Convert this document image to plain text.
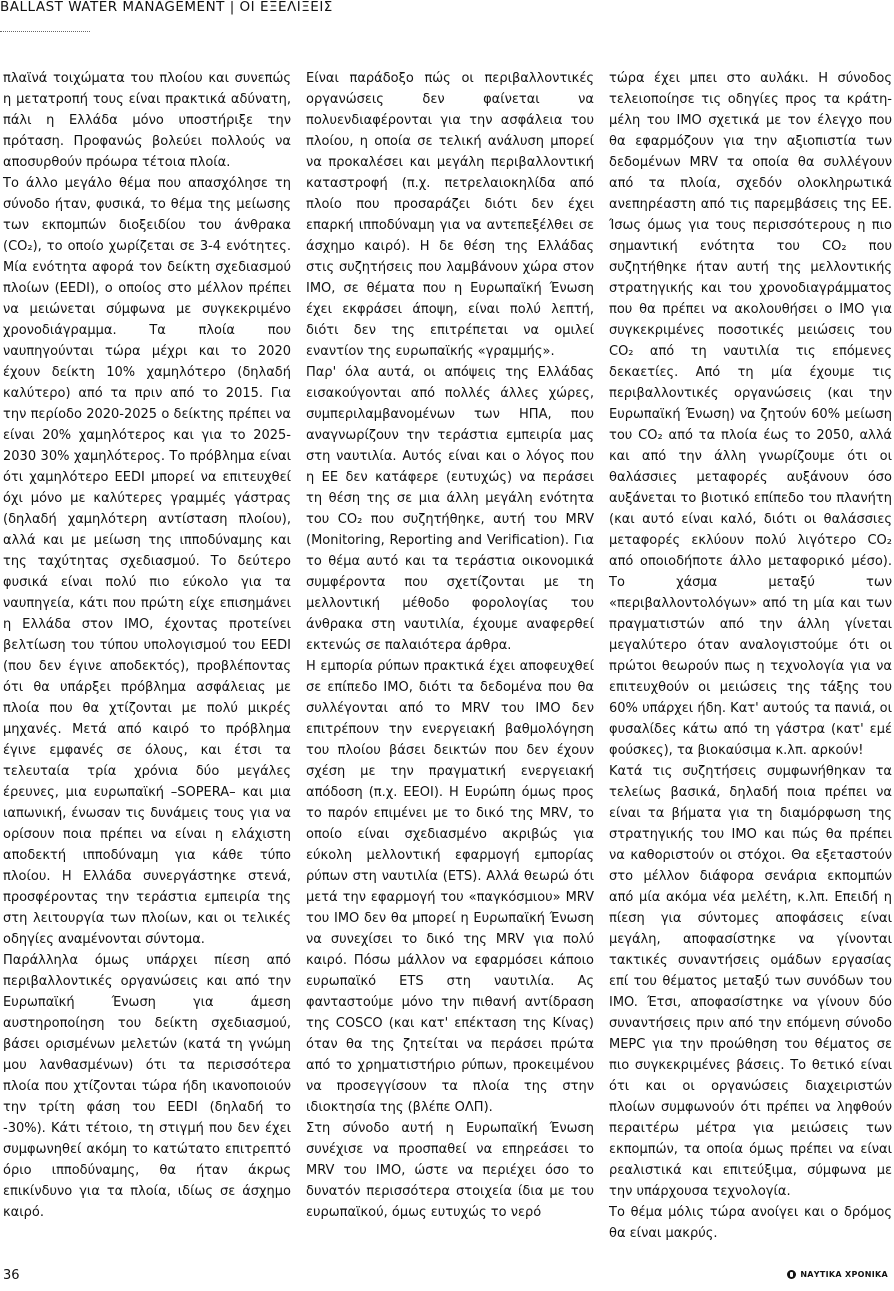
BALLAST WATER MANAGEMENT | ΟΙ ΕΞΕΛΙΞΕΙΣ

πλαϊνά τοιχώματα του πλοίου και συνεπώς η μετατροπή τους είναι πρακτικά αδύνατη, πάλι η Ελλάδα μόνο υποστήριξε την πρόταση. Προφανώς βολεύει πολλούς να αποσυρθούν πρόωρα τέτοια πλοία.

Το άλλο μεγάλο θέμα που απασχόλησε τη σύνοδο ήταν, φυσικά, το θέμα της μείωσης των εκπομπών διοξειδίου του άνθρακα (CO₂), το οποίο χωρίζεται σε 3-4 ενότητες. Μία ενότητα αφορά τον δείκτη σχεδιασμού πλοίων (EEDI), ο οποίος στο μέλλον πρέπει να μειώνεται σύμφωνα με συγκεκριμένο χρονοδιάγραμμα. Τα πλοία που ναυπηγούνται τώρα μέχρι και το 2020 έχουν δείκτη 10% χαμηλότερο (δηλαδή καλύτερο) από τα πριν από το 2015. Για την περίοδο 2020-2025 ο δείκτης πρέπει να είναι 20% χαμηλότερος και για το 2025-2030 30% χαμηλότερος. Το πρόβλημα είναι ότι χαμηλότερο EEDI μπορεί να επιτευχθεί όχι μόνο με καλύτερες γραμμές γάστρας (δηλαδή χαμηλότερη αντίσταση πλοίου), αλλά και με μείωση της ιπποδύναμης και της ταχύτητας σχεδιασμού. Το δεύτερο φυσικά είναι πολύ πιο εύκολο για τα ναυπηγεία, κάτι που πρώτη είχε επισημάνει η Ελλάδα στον IMO, έχοντας προτείνει βελτίωση του τύπου υπολογισμού του EEDI (που δεν έγινε αποδεκτός), προβλέποντας ότι θα υπάρξει πρόβλημα ασφάλειας με πλοία που θα χτίζονται με πολύ μικρές μηχανές. Μετά από καιρό το πρόβλημα έγινε εμφανές σε όλους, και έτσι τα τελευταία τρία χρόνια δύο μεγάλες έρευνες, μια ευρωπαϊκή –SOPERA– και μια ιαπωνική, ένωσαν τις δυνάμεις τους για να ορίσουν ποια πρέπει να είναι η ελάχιστη αποδεκτή ιπποδύναμη για κάθε τύπο πλοίου. Η Ελλάδα συνεργάστηκε στενά, προσφέροντας την τεράστια εμπειρία της στη λειτουργία των πλοίων, και οι τελικές οδηγίες αναμένονται σύντομα.

Παράλληλα όμως υπάρχει πίεση από περιβαλλοντικές οργανώσεις και από την Ευρωπαϊκή Ένωση για άμεση αυστηροποίηση του δείκτη σχεδιασμού, βάσει ορισμένων μελετών (κατά τη γνώμη μου λανθασμένων) ότι τα περισσότερα πλοία που χτίζονται τώρα ήδη ικανοποιούν την τρίτη φάση του EEDI (δηλαδή το -30%). Κάτι τέτοιο, τη στιγμή που δεν έχει συμφωνηθεί ακόμη το κατώτατο επιτρεπτό όριο ιπποδύναμης, θα ήταν άκρως επικίνδυνο για τα πλοία, ιδίως σε άσχημο καιρό.

Είναι παράδοξο πώς οι περιβαλλοντικές οργανώσεις δεν φαίνεται να πολυενδιαφέρονται για την ασφάλεια του πλοίου, η οποία σε τελική ανάλυση μπορεί να προκαλέσει και μεγάλη περιβαλλοντική καταστροφή (π.χ. πετρελαιοκηλίδα από πλοίο που προσαράζει διότι δεν έχει επαρκή ιπποδύναμη για να αντεπεξέλθει σε άσχημο καιρό). Η δε θέση της Ελλάδας στις συζητήσεις που λαμβάνουν χώρα στον IMO, σε θέματα που η Ευρωπαϊκή Ένωση έχει εκφράσει άποψη, είναι πολύ λεπτή, διότι δεν της επιτρέπεται να ομιλεί εναντίον της ευρωπαϊκής «γραμμής».

Παρ' όλα αυτά, οι απόψεις της Ελλάδας εισακούγονται από πολλές άλλες χώρες, συμπεριλαμβανομένων των ΗΠΑ, που αναγνωρίζουν την τεράστια εμπειρία μας στη ναυτιλία. Αυτός είναι και ο λόγος που η ΕΕ δεν κατάφερε (ευτυχώς) να περάσει τη θέση της σε μια άλλη μεγάλη ενότητα του CO₂ που συζητήθηκε, αυτή του MRV (Monitoring, Reporting and Verification). Για το θέμα αυτό και τα τεράστια οικονομικά συμφέροντα που σχετίζονται με τη μελλοντική μέθοδο φορολογίας του άνθρακα στη ναυτιλία, έχουμε αναφερθεί εκτενώς σε παλαιότερα άρθρα.

Η εμπορία ρύπων πρακτικά έχει αποφευχθεί σε επίπεδο IMO, διότι τα δεδομένα που θα συλλέγονται από το MRV του IMO δεν επιτρέπουν την ενεργειακή βαθμολόγηση του πλοίου βάσει δεικτών που δεν έχουν σχέση με την πραγματική ενεργειακή απόδοση (π.χ. EEOI). Η Ευρώπη όμως προς το παρόν επιμένει με το δικό της MRV, το οποίο είναι σχεδιασμένο ακριβώς για εύκολη μελλοντική εφαρμογή εμπορίας ρύπων στη ναυτιλία (ETS). Αλλά θεωρώ ότι μετά την εφαρμογή του «παγκόσμιου» MRV του IMO δεν θα μπορεί η Ευρωπαϊκή Ένωση να συνεχίσει το δικό της MRV για πολύ καιρό. Πόσω μάλλον να εφαρμόσει κάποιο ευρωπαϊκό ETS στη ναυτιλία. Ας φανταστούμε μόνο την πιθανή αντίδραση της COSCO (και κατ' επέκταση της Κίνας) όταν θα της ζητείται να περάσει πρώτα από το χρηματιστήριο ρύπων, προκειμένου να προσεγγίσουν τα πλοία της στην ιδιοκτησία της (βλέπε ΟΛΠ).

Στη σύνοδο αυτή η Ευρωπαϊκή Ένωση συνέχισε να προσπαθεί να επηρεάσει το MRV του IMO, ώστε να περιέχει όσο το δυνατόν περισσότερα στοιχεία ίδια με του ευρωπαϊκού, όμως ευτυχώς το νερό

τώρα έχει μπει στο αυλάκι. Η σύνοδος τελειοποίησε τις οδηγίες προς τα κράτη-μέλη του IMO σχετικά με τον έλεγχο που θα εφαρμόζουν για την αξιοπιστία των δεδομένων MRV τα οποία θα συλλέγουν από τα πλοία, σχεδόν ολοκληρωτικά ανεπηρέαστη από τις παρεμβάσεις της ΕΕ. Ίσως όμως για τους περισσότερους η πιο σημαντική ενότητα του CO₂ που συζητήθηκε ήταν αυτή της μελλοντικής στρατηγικής και του χρονοδιαγράμματος που θα πρέπει να ακολουθήσει ο IMO για συγκεκριμένες ποσοτικές μειώσεις του CO₂ από τη ναυτιλία τις επόμενες δεκαετίες. Από τη μία έχουμε τις περιβαλλοντικές οργανώσεις (και την Ευρωπαϊκή Ένωση) να ζητούν 60% μείωση του CO₂ από τα πλοία έως το 2050, αλλά και από την άλλη γνωρίζουμε ότι οι θαλάσσιες μεταφορές αυξάνουν όσο αυξάνεται το βιοτικό επίπεδο του πλανήτη (και αυτό είναι καλό, διότι οι θαλάσσιες μεταφορές εκλύουν πολύ λιγότερο CO₂ από οποιοδήποτε άλλο μεταφορικό μέσο). Το χάσμα μεταξύ των «περιβαλλοντολόγων» από τη μία και των πραγματιστών από την άλλη γίνεται μεγαλύτερο όταν αναλογιστούμε ότι οι πρώτοι θεωρούν πως η τεχνολογία για να επιτευχθούν οι μειώσεις της τάξης του 60% υπάρχει ήδη. Κατ' αυτούς τα πανιά, οι φυσαλίδες κάτω από τη γάστρα (κατ' εμέ φούσκες), τα βιοκαύσιμα κ.λπ. αρκούν!

Κατά τις συζητήσεις συμφωνήθηκαν τα τελείως βασικά, δηλαδή ποια πρέπει να είναι τα βήματα για τη διαμόρφωση της στρατηγικής του IMO και πώς θα πρέπει να καθοριστούν οι στόχοι. Θα εξεταστούν στο μέλλον διάφορα σενάρια εκπομπών από μία ακόμα νέα μελέτη, κ.λπ. Επειδή η πίεση για σύντομες αποφάσεις είναι μεγάλη, αποφασίστηκε να γίνονται τακτικές συναντήσεις ομάδων εργασίας επί του θέματος μεταξύ των συνόδων του IMO. Έτσι, αποφασίστηκε να γίνουν δύο συναντήσεις πριν από την επόμενη σύνοδο MEPC για την προώθηση του θέματος σε πιο συγκεκριμένες βάσεις. Το θετικό είναι ότι και οι οργανώσεις διαχειριστών πλοίων συμφωνούν ότι πρέπει να ληφθούν περαιτέρω μέτρα για μειώσεις των εκπομπών, τα οποία όμως πρέπει να είναι ρεαλιστικά και επιτεύξιμα, σύμφωνα με την υπάρχουσα τεχνολογία.

Το θέμα μόλις τώρα ανοίγει και ο δρόμος θα είναι μακρύς.

36	ΝΑΥΤΙΚΑ ΧΡΟΝΙΚΑ
